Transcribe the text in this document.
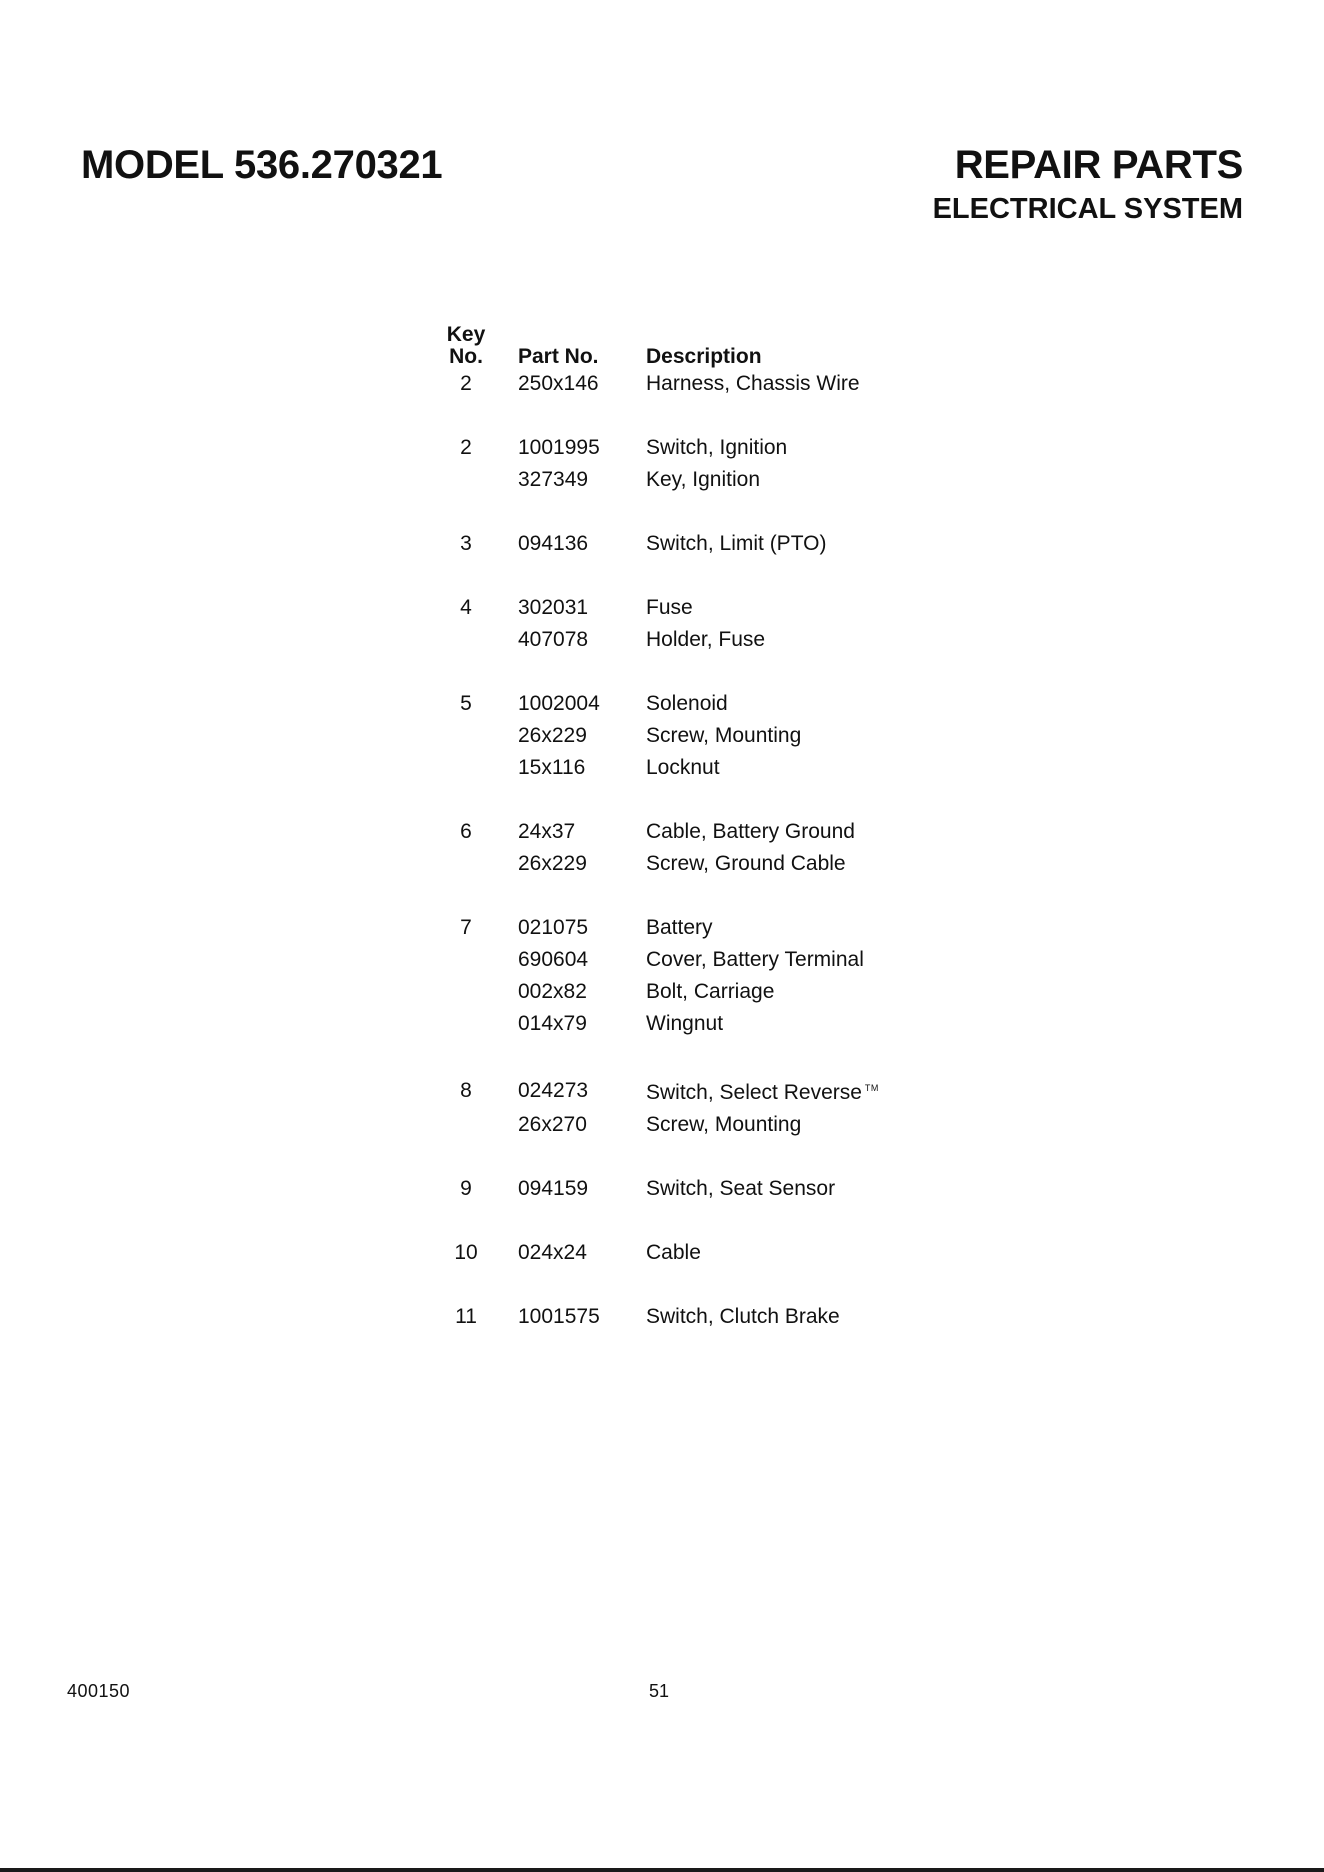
MODEL 536.270321	REPAIR PARTS
ELECTRICAL SYSTEM
Key
No.	Part No.	Description
2	250x146	Harness, Chassis Wire

2	1001995	Switch, Ignition
	327349	Key, Ignition

3	094136	Switch, Limit (PTO)

4	302031	Fuse
	407078	Holder, Fuse

5	1002004	Solenoid
	26x229	Screw, Mounting
	15x116	Locknut

6	24x37	Cable, Battery Ground
	26x229	Screw, Ground Cable

7	021075	Battery
	690604	Cover, Battery Terminal
	002x82	Bolt, Carriage
	014x79	Wingnut

8	024273	Switch, Select Reverse ™
	26x270	Screw, Mounting

9	094159	Switch, Seat Sensor

10	024x24	Cable

11	1001575	Switch, Clutch Brake
400150	51
